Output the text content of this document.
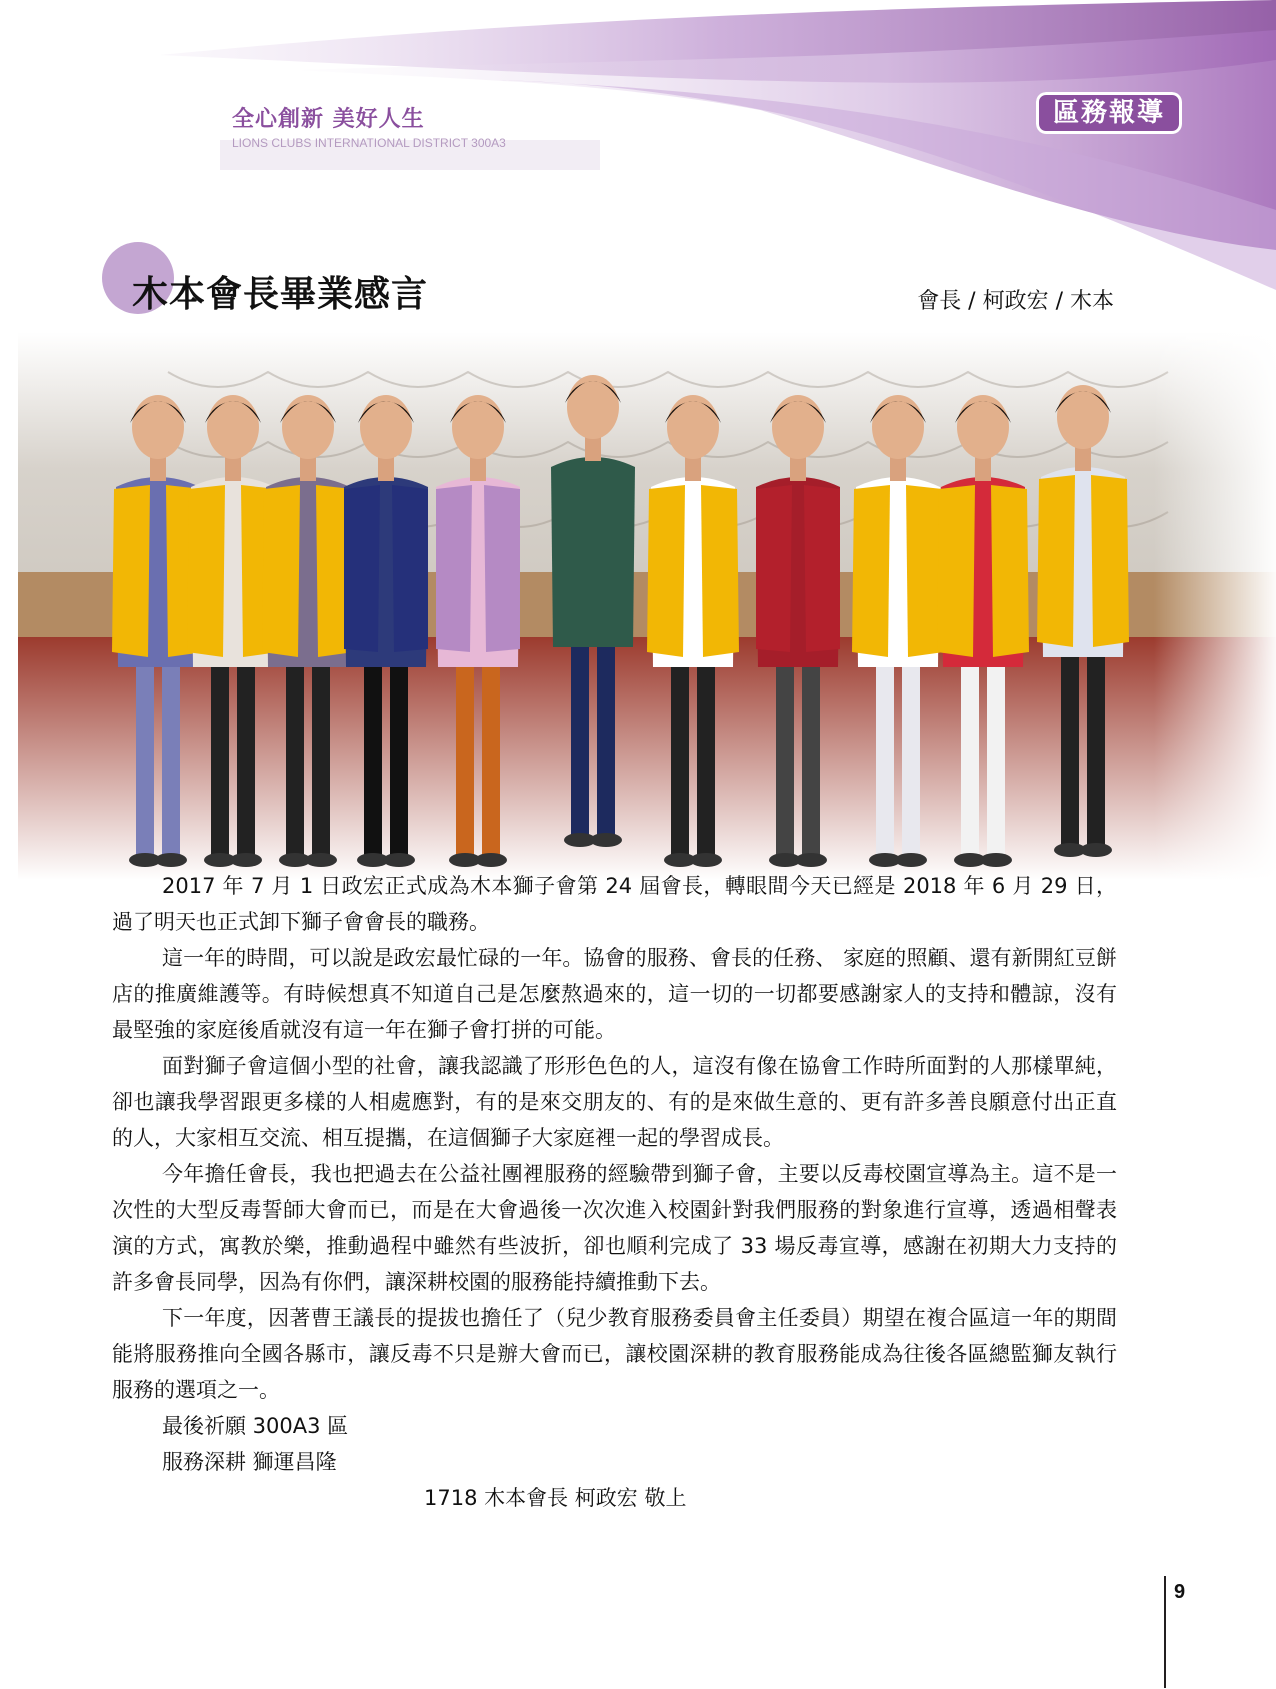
全心創新 美好人生
LIONS CLUBS INTERNATIONAL DISTRICT 300A3
區務報導
木本會長畢業感言	會長 / 柯政宏 / 木本

2017 年 7 月 1 日政宏正式成為木本獅子會第 24 屆會長，轉眼間今天已經是 2018 年 6 月 29 日，過了明天也正式卸下獅子會會長的職務。

這一年的時間，可以說是政宏最忙碌的一年。協會的服務、會長的任務、 家庭的照顧、還有新開紅豆餅店的推廣維護等。有時候想真不知道自己是怎麼熬過來的，這一切的一切都要感謝家人的支持和體諒，沒有最堅強的家庭後盾就沒有這一年在獅子會打拼的可能。

面對獅子會這個小型的社會，讓我認識了形形色色的人，這沒有像在協會工作時所面對的人那樣單純，卻也讓我學習跟更多樣的人相處應對，有的是來交朋友的、有的是來做生意的、更有許多善良願意付出正直的人，大家相互交流、相互提攜，在這個獅子大家庭裡一起的學習成長。

今年擔任會長，我也把過去在公益社團裡服務的經驗帶到獅子會，主要以反毒校園宣導為主。這不是一次性的大型反毒誓師大會而已，而是在大會過後一次次進入校園針對我們服務的對象進行宣導，透過相聲表演的方式，寓教於樂，推動過程中雖然有些波折，卻也順利完成了 33 場反毒宣導，感謝在初期大力支持的許多會長同學，因為有你們，讓深耕校園的服務能持續推動下去。

下一年度，因著曹王議長的提拔也擔任了（兒少教育服務委員會主任委員）期望在複合區這一年的期間能將服務推向全國各縣市，讓反毒不只是辦大會而已，讓校園深耕的教育服務能成為往後各區總監獅友執行服務的選項之一。

最後祈願 300A3 區
服務深耕 獅運昌隆
1718 木本會長 柯政宏 敬上
9
